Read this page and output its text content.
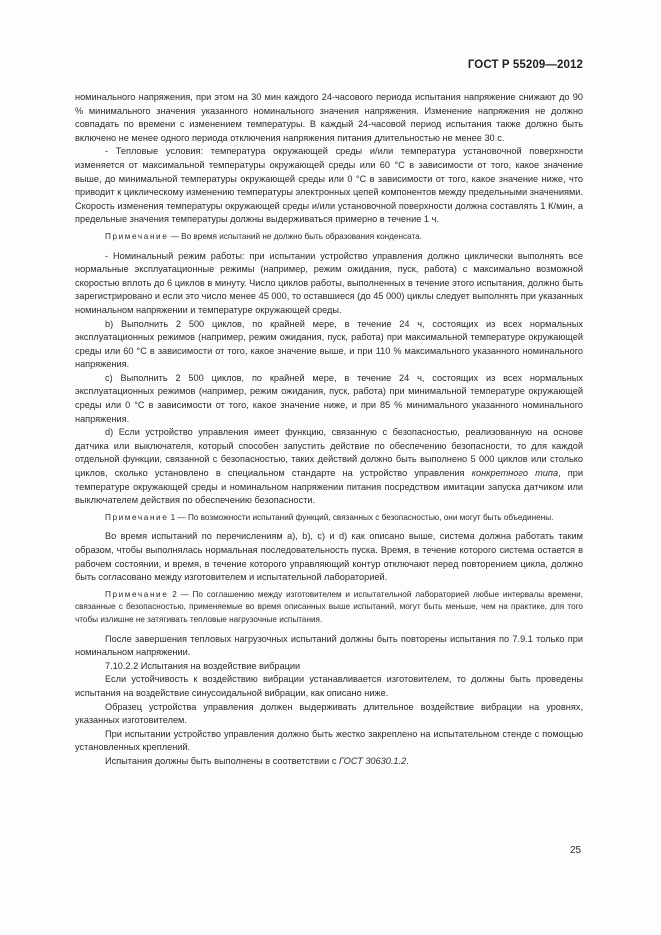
ГОСТ Р 55209—2012

номинального напряжения, при этом на 30 мин каждого 24-часового периода испытания напряжение снижают до 90 % минимального значения указанного номинального значения напряжения. Изменение напряжения не должно совпадать по времени с изменением температуры. В каждый 24-часовой период испытания также должно быть включено не менее одного периода отключения напряжения питания длительностью не менее 30 с.

- Тепловые условия: температура окружающей среды и/или температура установочной поверхности изменяется от максимальной температуры окружающей среды или 60 °C в зависимости от того, какое значение выше, до минимальной температуры окружающей среды или 0 °C в зависимости от того, какое значение ниже, что приводит к циклическому изменению температуры электронных цепей компонентов между предельными значениями. Скорость изменения температуры окружающей среды и/или установочной поверхности должна составлять 1 К/мин, а предельные значения температуры должны выдерживаться примерно в течение 1 ч.

Примечание — Во время испытаний не должно быть образования конденсата.

- Номинальный режим работы: при испытании устройство управления должно циклически выполнять все нормальные эксплуатационные режимы (например, режим ожидания, пуск, работа) с максимально возможной скоростью вплоть до 6 циклов в минуту. Число циклов работы, выполненных в течение этого испытания, должно быть зарегистрировано и если это число менее 45 000, то оставшиеся (до 45 000) циклы следует выполнять при указанных номинальном напряжении и температуре окружающей среды.

b) Выполнить 2 500 циклов, по крайней мере, в течение 24 ч, состоящих из всех нормальных эксплуатационных режимов (например, режим ожидания, пуск, работа) при максимальной температуре окружающей среды или 60 °C в зависимости от того, какое значение выше, и при 110 % максимального указанного номинального напряжения.

c) Выполнить 2 500 циклов, по крайней мере, в течение 24 ч, состоящих из всех нормальных эксплуатационных режимов (например, режим ожидания, пуск, работа) при минимальной температуре окружающей среды или 0 °C в зависимости от того, какое значение ниже, и при 85 % минимального указанного номинального напряжения.

d) Если устройство управления имеет функцию, связанную с безопасностью, реализованную на основе датчика или выключателя, который способен запустить действие по обеспечению безопасности, то для каждой отдельной функции, связанной с безопасностью, таких действий должно быть выполнено 5 000 циклов или столько циклов, сколько установлено в специальном стандарте на устройство управления конкретного типа, при температуре окружающей среды и номинальном напряжении питания посредством имитации запуска датчиком или выключателем действия по обеспечению безопасности.

Примечание 1 — По возможности испытаний функций, связанных с безопасностью, они могут быть объединены.

Во время испытаний по перечислениям a), b), c) и d) как описано выше, система должна работать таким образом, чтобы выполнялась нормальная последовательность пуска. Время, в течение которого система остается в рабочем состоянии, и время, в течение которого управляющий контур отключают перед повторением цикла, должно быть согласовано между изготовителем и испытательной лабораторией.

Примечание 2 — По соглашению между изготовителем и испытательной лабораторией любые интервалы времени, связанные с безопасностью, применяемые во время описанных выше испытаний, могут быть меньше, чем на практике, для того чтобы излишне не затягивать тепловые нагрузочные испытания.

После завершения тепловых нагрузочных испытаний должны быть повторены испытания по 7.9.1 только при номинальном напряжении.

7.10.2.2 Испытания на воздействие вибрации

Если устойчивость к воздействию вибрации устанавливается изготовителем, то должны быть проведены испытания на воздействие синусоидальной вибрации, как описано ниже.

Образец устройства управления должен выдерживать длительное воздействие вибрации на уровнях, указанных изготовителем.

При испытании устройство управления должно быть жестко закреплено на испытательном стенде с помощью установленных креплений.

Испытания должны быть выполнены в соответствии с ГОСТ 30630.1.2.

25
